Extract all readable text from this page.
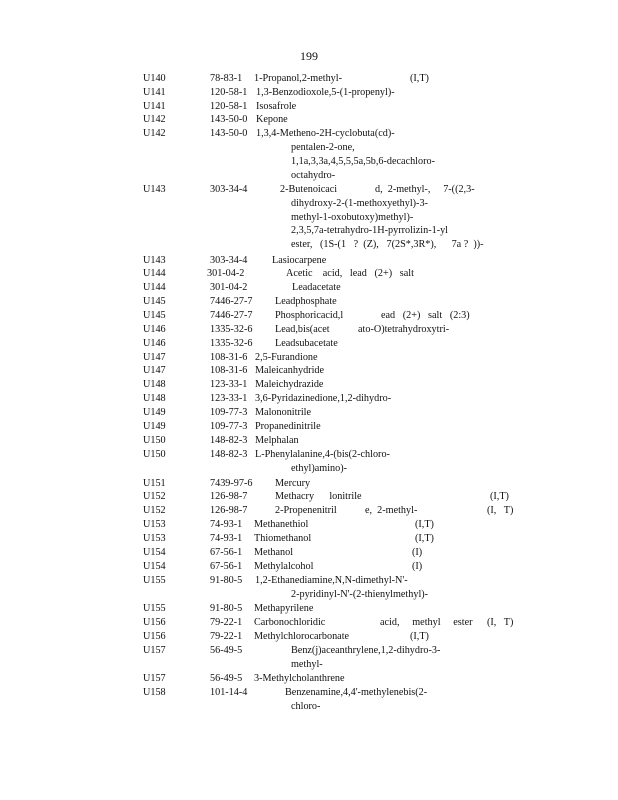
199
U140	78-83-1 1-Propanol,2-methyl-	(I,T)
U141	120-58-1 1,3-Benzodioxole,5-(1-propenyl)-
U141	120-58-1 Isosafrole
U142	143-50-0 Kepone
U142	143-50-0 1,3,4-Metheno-2H-cyclobuta(cd)-
pentalen-2-one,
1,1a,3,3a,4,5,5,5a,5b,6-decachloro-
octahydro-
U143	303-34-4	2-Butenoicaci	d,  2-methyl-,     7-((2,3-
dihydroxy-2-(1-methoxyethyl)-3-
methyl-1-oxobutoxy)methyl)-
2,3,5,7a-tetrahydro-1H-pyrrolizin-1-yl
ester,   (1S-(1   ?  (Z),   7(2S*,3R*),      7a ?  ))-
U143	303-34-4 Lasiocarpene
U144	301-04-2	Acetic    acid,   lead   (2+)   salt
U144	301-04-2	Leadacetate
U145	7446-27-7 Leadphosphate
U145	7446-27-7 Phosphoricacid,l	ead   (2+)   salt   (2:3)
U146	1335-32-6 Lead,bis(acet	ato-O)tetrahydroxytri-
U146	1335-32-6 Leadsubacetate
U147	108-31-6 2,5-Furandione
U147	108-31-6 Maleicanhydride
U148	123-33-1 Maleichydrazide
U148	123-33-1 3,6-Pyridazinedione,1,2-dihydro-
U149	109-77-3 Malononitrile
U149	109-77-3 Propanedinitrile
U150	148-82-3 Melphalan
U150	148-82-3 L-Phenylalanine,4-(bis(2-chloro-
ethyl)amino)-
U151	7439-97-6 Mercury
U152	126-98-7	Methacry      lonitrile	(I,T)
U152	126-98-7	2-Propenenitril	e,  2-methyl-	(I,   T)
U153	74-93-1 Methanethiol	(I,T)
U153	74-93-1 Thiomethanol	(I,T)
U154	67-56-1 Methanol	(I)
U154	67-56-1 Methylalcohol	(I)
U155	91-80-5 1,2-Ethanediamine,N,N-dimethyl-N'-
2-pyridinyl-N'-(2-thienylmethyl)-
U155	91-80-5 Methapyrilene
U156	79-22-1 Carbonochloridic	acid,     methyl     ester (I,   T)
U156	79-22-1 Methylchlorocarbonate	(I,T)
U157	56-49-5	Benz(j)aceanthrylene,1,2-dihydro-3-
methyl-
U157	56-49-5 3-Methylcholanthrene
U158	101-14-4	Benzenamine,4,4'-methylenebis(2-
chloro-
